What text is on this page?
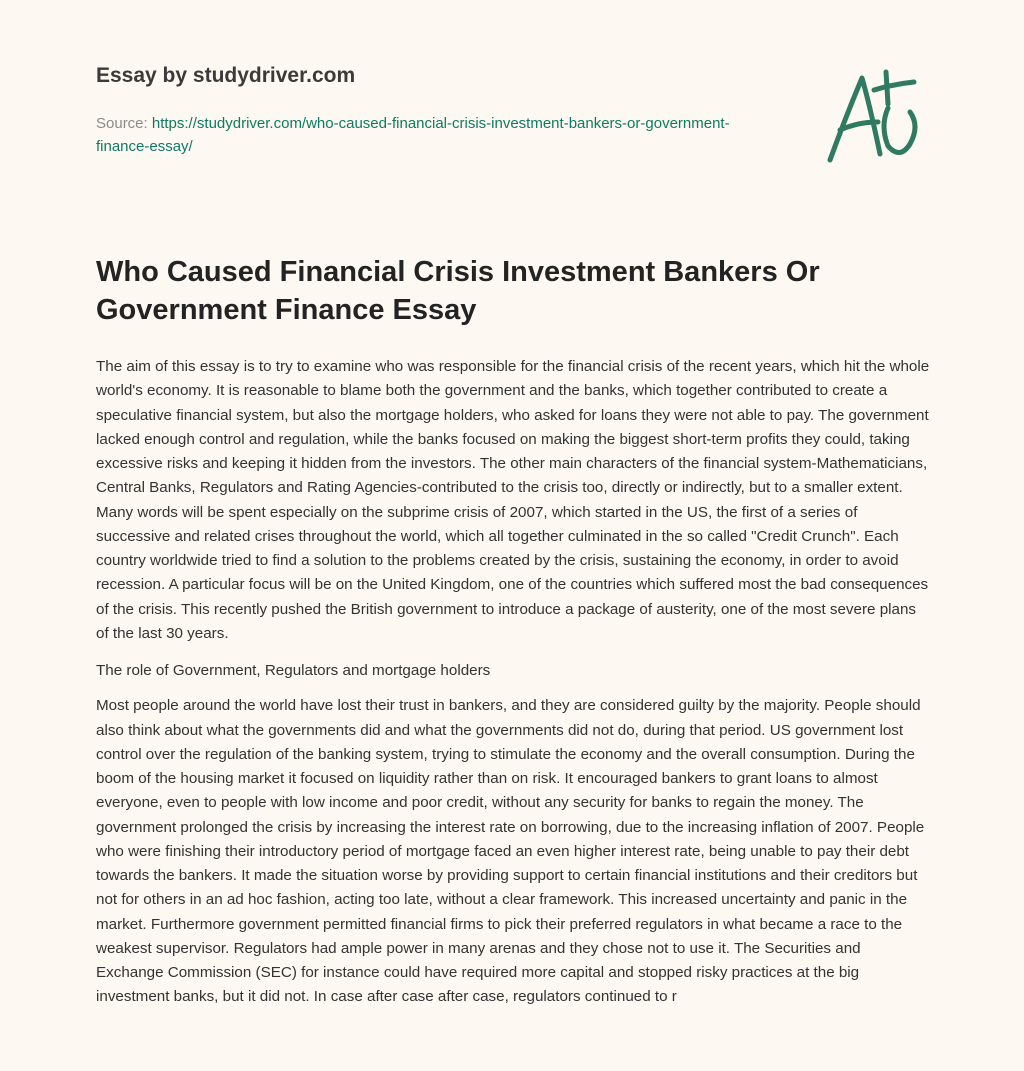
Essay by studydriver.com
Source: https://studydriver.com/who-caused-financial-crisis-investment-bankers-or-government-finance-essay/
Who Caused Financial Crisis Investment Bankers Or Government Finance Essay

The aim of this essay is to try to examine who was responsible for the financial crisis of the recent years, which hit the whole world's economy. It is reasonable to blame both the government and the banks, which together contributed to create a speculative financial system, but also the mortgage holders, who asked for loans they were not able to pay. The government lacked enough control and regulation, while the banks focused on making the biggest short-term profits they could, taking excessive risks and keeping it hidden from the investors. The other main characters of the financial system-Mathematicians, Central Banks, Regulators and Rating Agencies-contributed to the crisis too, directly or indirectly, but to a smaller extent. Many words will be spent especially on the subprime crisis of 2007, which started in the US, the first of a series of successive and related crises throughout the world, which all together culminated in the so called "Credit Crunch". Each country worldwide tried to find a solution to the problems created by the crisis, sustaining the economy, in order to avoid recession. A particular focus will be on the United Kingdom, one of the countries which suffered most the bad consequences of the crisis. This recently pushed the British government to introduce a package of austerity, one of the most severe plans of the last 30 years.

The role of Government, Regulators and mortgage holders

Most people around the world have lost their trust in bankers, and they are considered guilty by the majority. People should also think about what the governments did and what the governments did not do, during that period. US government lost control over the regulation of the banking system, trying to stimulate the economy and the overall consumption. During the boom of the housing market it focused on liquidity rather than on risk. It encouraged bankers to grant loans to almost everyone, even to people with low income and poor credit, without any security for banks to regain the money. The government prolonged the crisis by increasing the interest rate on borrowing, due to the increasing inflation of 2007. People who were finishing their introductory period of mortgage faced an even higher interest rate, being unable to pay their debt towards the bankers. It made the situation worse by providing support to certain financial institutions and their creditors but not for others in an ad hoc fashion, acting too late, without a clear framework. This increased uncertainty and panic in the market. Furthermore government permitted financial firms to pick their preferred regulators in what became a race to the weakest supervisor. Regulators had ample power in many arenas and they chose not to use it. The Securities and Exchange Commission (SEC) for instance could have required more capital and stopped risky practices at the big investment banks, but it did not. In case after case after case, regulators continued to r
